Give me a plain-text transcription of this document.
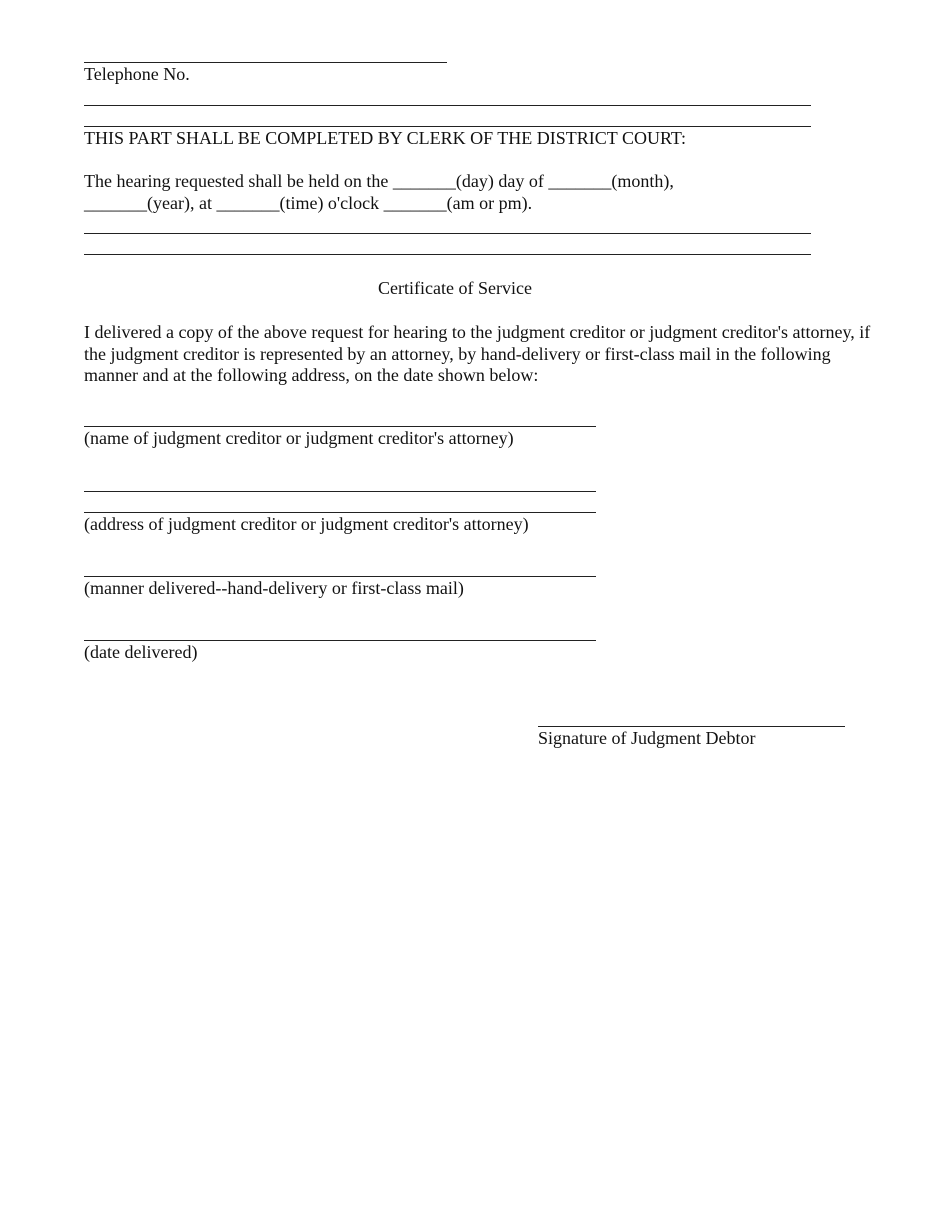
Telephone No.
THIS PART SHALL BE COMPLETED BY CLERK OF THE DISTRICT COURT:
The hearing requested shall be held on the _______(day) day of _______(month),
_______(year), at _______(time) o'clock _______(am or pm).
Certificate of Service
I delivered a copy of the above request for hearing to the judgment creditor or judgment creditor's attorney, if the judgment creditor is represented by an attorney, by hand-delivery or first-class mail in the following manner and at the following address, on the date shown below:
(name of judgment creditor or judgment creditor's attorney)
(address of judgment creditor or judgment creditor's attorney)
(manner delivered--hand-delivery or first-class mail)
(date delivered)
Signature of Judgment Debtor
